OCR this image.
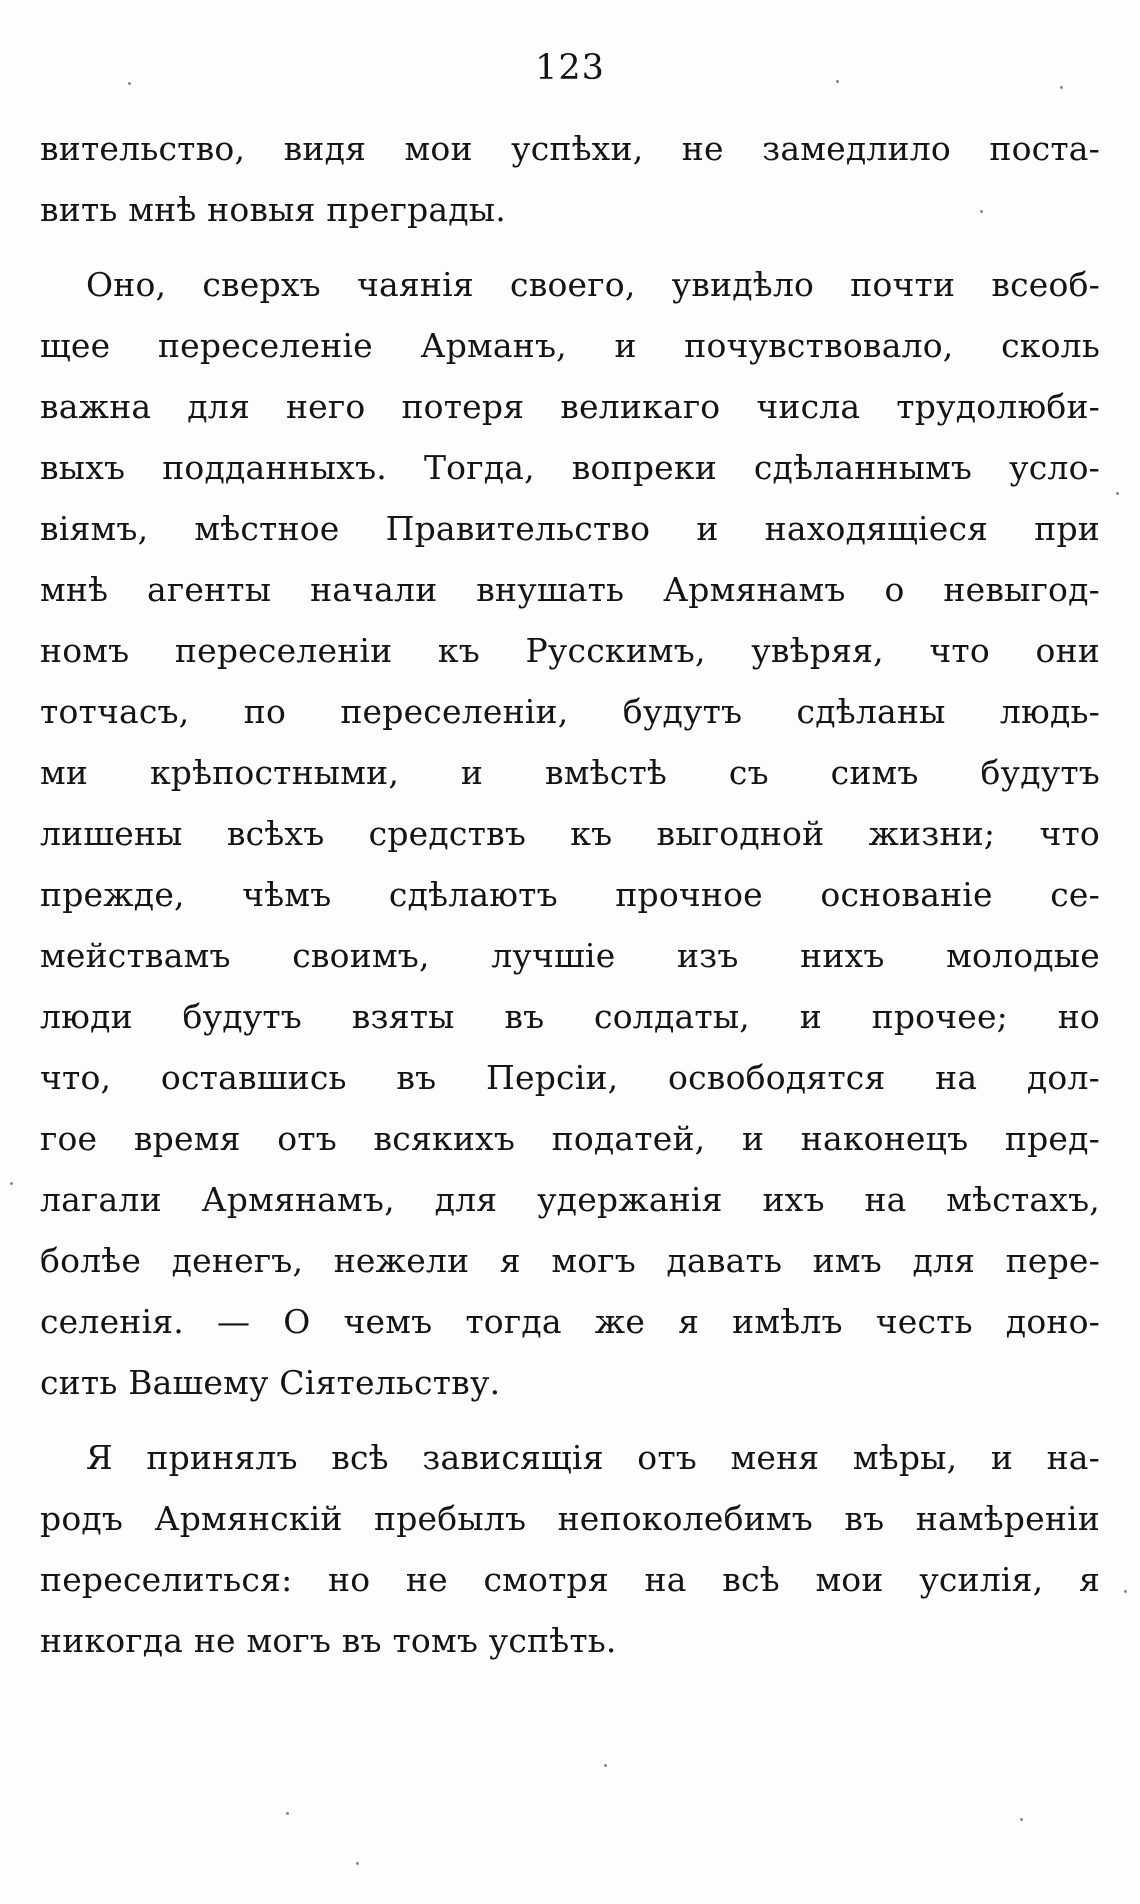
123
вительство, видя мои успѣхи, не замедлило поста-
вить мнѣ новыя преграды.
Оно, сверхъ чаянія своего, увидѣло почти всеоб-
щее переселеніе Арманъ, и почувствовало, сколь
важна для него потеря великаго числа трудолюби-
выхъ подданныхъ. Тогда, вопреки сдѣланнымъ усло-
віямъ, мѣстное Правительство и находящіеся при
мнѣ агенты начали внушать Армянамъ о невыгод-
номъ переселеніи къ Русскимъ, увѣряя, что они
тотчасъ, по переселеніи, будутъ сдѣланы людь-
ми крѣпостными, и вмѣстѣ съ симъ будутъ
лишены всѣхъ средствъ къ выгодной жизни; что
прежде, чѣмъ сдѣлаютъ прочное основаніе се-
мействамъ своимъ, лучшіе изъ нихъ молодые
люди будутъ взяты въ солдаты, и прочее; но
что, оставшись въ Персіи, освободятся на дол-
гое время отъ всякихъ податей, и наконецъ пред-
лагали Армянамъ, для удержанія ихъ на мѣстахъ,
болѣе денегъ, нежели я могъ давать имъ для пере-
селенія. — О чемъ тогда же я имѣлъ честь доно-
сить Вашему Сіятельству.
Я принялъ всѣ зависящія отъ меня мѣры, и на-
родъ Армянскій пребылъ непоколебимъ въ намѣреніи
переселиться: но не смотря на всѣ мои усилія, я
никогда не могъ въ томъ успѣть.
